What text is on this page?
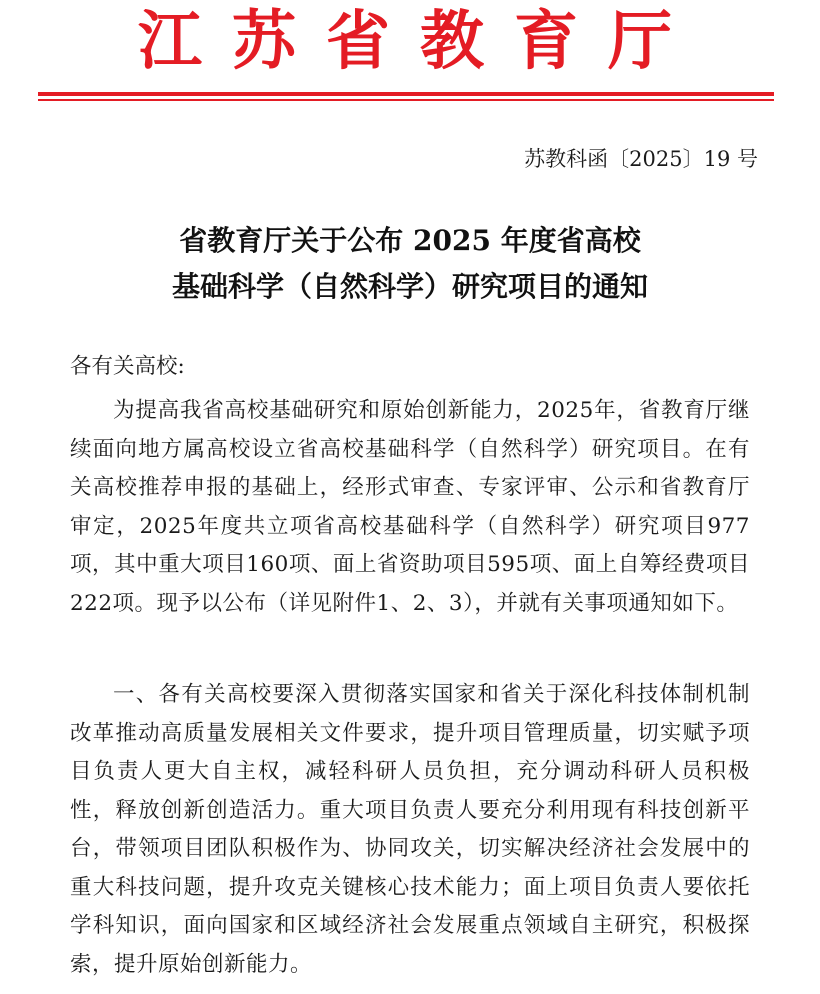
江苏省教育厅
苏教科函〔2025〕19 号
省教育厅关于公布 2025 年度省高校
基础科学（自然科学）研究项目的通知
各有关高校:

为提高我省高校基础研究和原始创新能力，2025年，省教育厅继续面向地方属高校设立省高校基础科学（自然科学）研究项目。在有关高校推荐申报的基础上，经形式审查、专家评审、公示和省教育厅审定，2025年度共立项省高校基础科学（自然科学）研究项目977项，其中重大项目160项、面上省资助项目595项、面上自筹经费项目222项。现予以公布（详见附件1、2、3），并就有关事项通知如下。

一、各有关高校要深入贯彻落实国家和省关于深化科技体制机制改革推动高质量发展相关文件要求，提升项目管理质量，切实赋予项目负责人更大自主权，减轻科研人员负担，充分调动科研人员积极性，释放创新创造活力。重大项目负责人要充分利用现有科技创新平台，带领项目团队积极作为、协同攻关，切实解决经济社会发展中的重大科技问题，提升攻克关键核心技术能力；面上项目负责人要依托学科知识，面向国家和区域经济社会发展重点领域自主研究，积极探索，提升原始创新能力。
